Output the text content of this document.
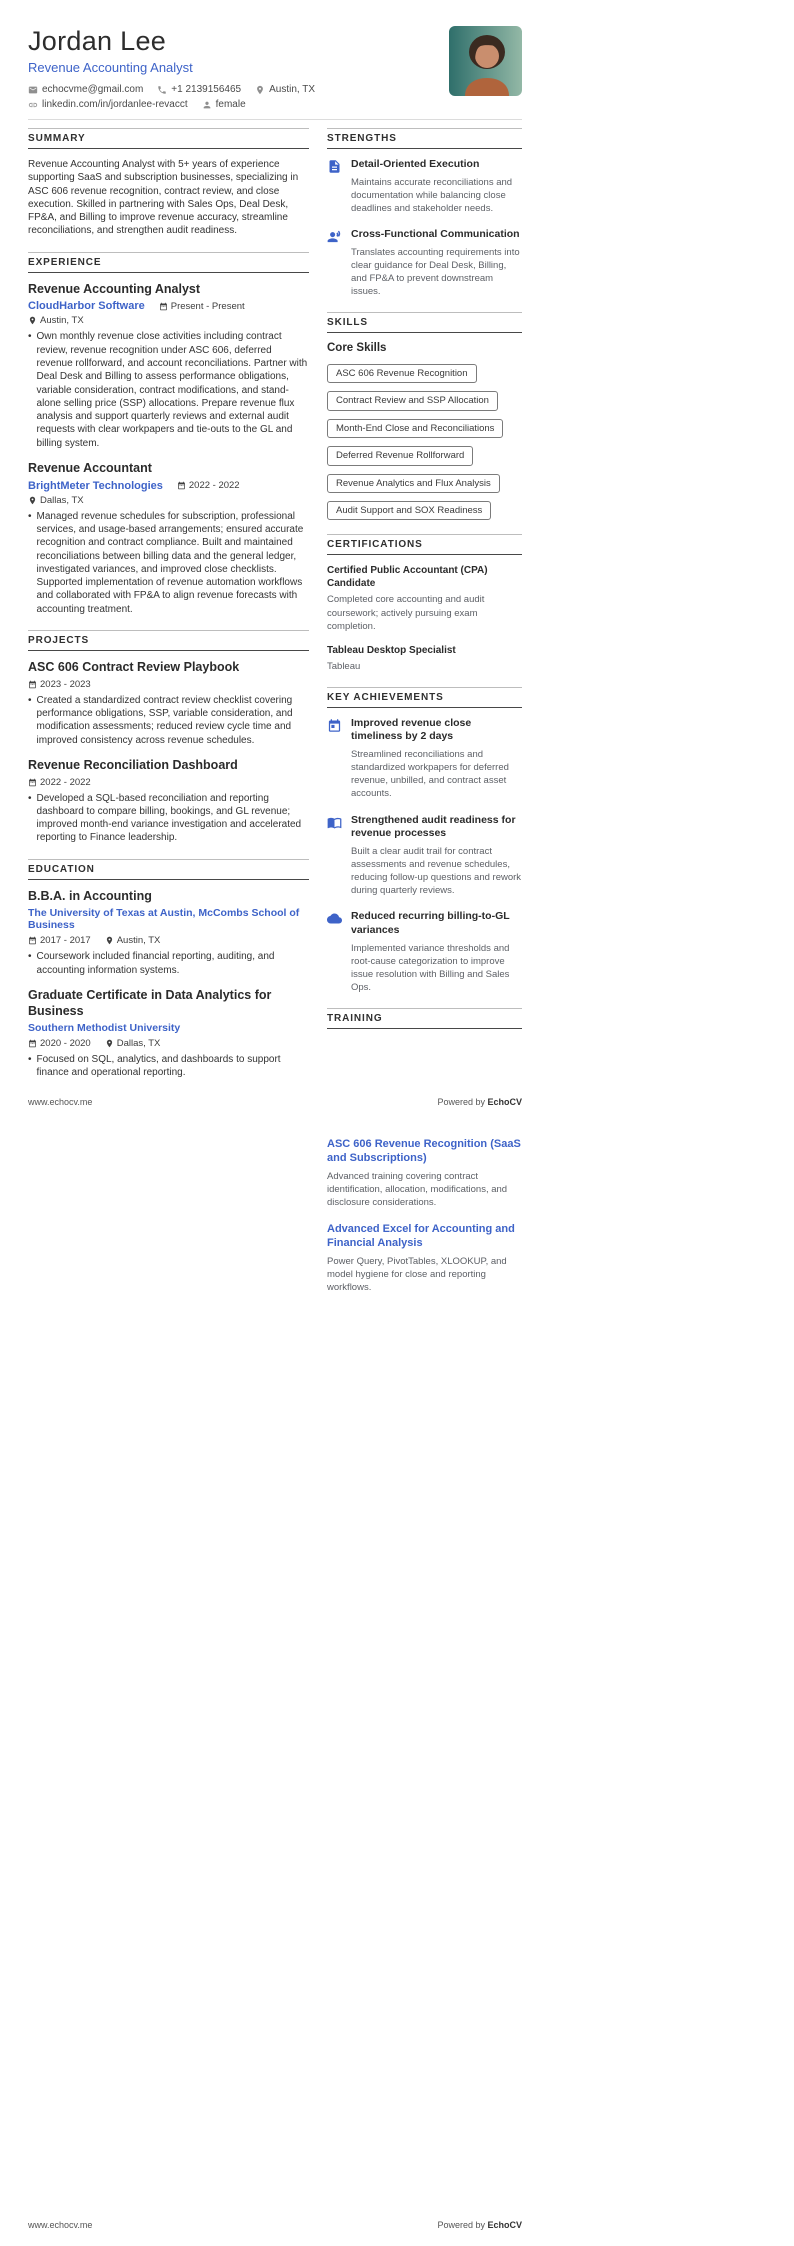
Jordan Lee
Revenue Accounting Analyst
echocvme@gmail.com	+1 2139156465	Austin, TX
linkedin.com/in/jordanlee-revacct	female
SUMMARY

Revenue Accounting Analyst with 5+ years of experience supporting SaaS and subscription businesses, specializing in ASC 606 revenue recognition, contract review, and close execution. Skilled in partnering with Sales Ops, Deal Desk, FP&A, and Billing to improve revenue accuracy, streamline reconciliations, and strengthen audit readiness.

EXPERIENCE
Revenue Accounting Analyst
CloudHarbor Software	Present - Present
Austin, TX
• Own monthly revenue close activities including contract review, revenue recognition under ASC 606, deferred revenue rollforward, and account reconciliations. Partner with Deal Desk and Billing to assess performance obligations, variable consideration, contract modifications, and stand-alone selling price (SSP) allocations. Prepare revenue flux analysis and support quarterly reviews and external audit requests with clear workpapers and tie-outs to the GL and billing system.
Revenue Accountant
BrightMeter Technologies	2022 - 2022
Dallas, TX
• Managed revenue schedules for subscription, professional services, and usage-based arrangements; ensured accurate recognition and contract compliance. Built and maintained reconciliations between billing data and the general ledger, investigated variances, and improved close checklists. Supported implementation of revenue automation workflows and collaborated with FP&A to align revenue forecasts with accounting treatment.
PROJECTS
ASC 606 Contract Review Playbook
2023 - 2023
• Created a standardized contract review checklist covering performance obligations, SSP, variable consideration, and modification assessments; reduced review cycle time and improved consistency across revenue schedules.
Revenue Reconciliation Dashboard
2022 - 2022
• Developed a SQL-based reconciliation and reporting dashboard to compare billing, bookings, and GL revenue; improved month-end variance investigation and accelerated reporting to Finance leadership.
EDUCATION
B.B.A. in Accounting
The University of Texas at Austin, McCombs School of Business
2017 - 2017	Austin, TX
• Coursework included financial reporting, auditing, and accounting information systems.
Graduate Certificate in Data Analytics for Business
Southern Methodist University
2020 - 2020	Dallas, TX
• Focused on SQL, analytics, and dashboards to support finance and operational reporting.
STRENGTHS
Detail-Oriented Execution
Maintains accurate reconciliations and documentation while balancing close deadlines and stakeholder needs.
Cross-Functional Communication
Translates accounting requirements into clear guidance for Deal Desk, Billing, and FP&A to prevent downstream issues.
SKILLS
Core Skills
ASC 606 Revenue Recognition
Contract Review and SSP Allocation
Month-End Close and Reconciliations
Deferred Revenue Rollforward
Revenue Analytics and Flux Analysis
Audit Support and SOX Readiness
CERTIFICATIONS
Certified Public Accountant (CPA) Candidate
Completed core accounting and audit coursework; actively pursuing exam completion.
Tableau Desktop Specialist
Tableau
KEY ACHIEVEMENTS
Improved revenue close timeliness by 2 days
Streamlined reconciliations and standardized workpapers for deferred revenue, unbilled, and contract asset accounts.
Strengthened audit readiness for revenue processes
Built a clear audit trail for contract assessments and revenue schedules, reducing follow-up questions and rework during quarterly reviews.
Reduced recurring billing-to-GL variances
Implemented variance thresholds and root-cause categorization to improve issue resolution with Billing and Sales Ops.
TRAINING
www.echocv.me	Powered by EchoCV
ASC 606 Revenue Recognition (SaaS and Subscriptions)
Advanced training covering contract identification, allocation, modifications, and disclosure considerations.
Advanced Excel for Accounting and Financial Analysis
Power Query, PivotTables, XLOOKUP, and model hygiene for close and reporting workflows.
www.echocv.me	Powered by EchoCV
